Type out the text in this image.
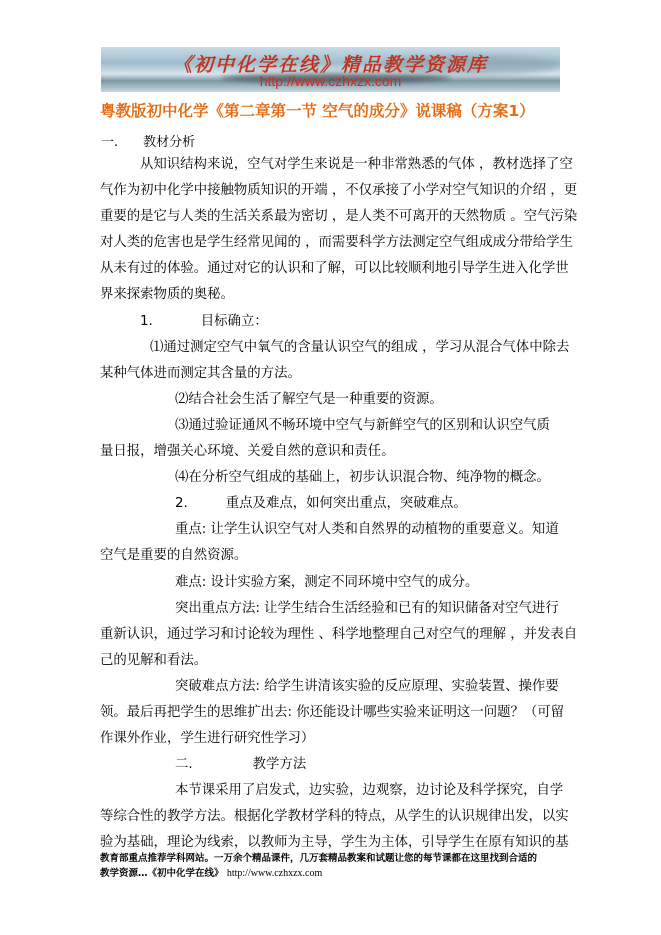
《初中化学在线》精品教学资源库
http://www.czhxzx.com
粤教版初中化学《第二章第一节 空气的成分》说课稿（方案1）
一. 教材分析
从知识结构来说，空气对学生来说是一种非常熟悉的气体 ，教材选择了空
气作为初中化学中接触物质知识的开端 ，不仅承接了小学对空气知识的介绍 ，更
重要的是它与人类的生活关系最为密切 ，是人类不可离开的天然物质 。空气污染
对人类的危害也是学生经常见闻的 ，而需要科学方法测定空气组成成分带给学生
从未有过的体验。通过对它的认识和了解，可以比较顺利地引导学生进入化学世
界来探索物质的奥秘。
1.	目标确立：
⑴通过测定空气中氧气的含量认识空气的组成 ，学习从混合气体中除去
某种气体进而测定其含量的方法。
⑵结合社会生活了解空气是一种重要的资源。
⑶通过验证通风不畅环境中空气与新鲜空气的区别和认识空气质
量日报，增强关心环境、关爱自然的意识和责任。
⑷在分析空气组成的基础上，初步认识混合物、纯净物的概念。
2.	重点及难点，如何突出重点，突破难点。
重点: 让学生认识空气对人类和自然界的动植物的重要意义。知道
空气是重要的自然资源。
难点: 设计实验方案，测定不同环境中空气的成分。
突出重点方法: 让学生结合生活经验和已有的知识储备对空气进行
重新认识，通过学习和讨论较为理性 、科学地整理自己对空气的理解 ，并发表自
己的见解和看法。
突破难点方法: 给学生讲清该实验的反应原理、实验装置、操作要
领。最后再把学生的思维扩出去: 你还能设计哪些实验来证明这一问题？（可留
作课外作业，学生进行研究性学习）
二.	教学方法
本节课采用了启发式，边实验，边观察，边讨论及科学探究，自学
等综合性的教学方法。根据化学教材学科的特点，从学生的认识规律出发，以实
验为基础，理论为线索，以教师为主导，学生为主体，引导学生在原有知识的基
教育部重点推荐学科网站。一万余个精品课件，几万套精品教案和试题让您的每节课都在这里找到合适的
教学资源…《初中化学在线》 http://www.czhxzx.com
